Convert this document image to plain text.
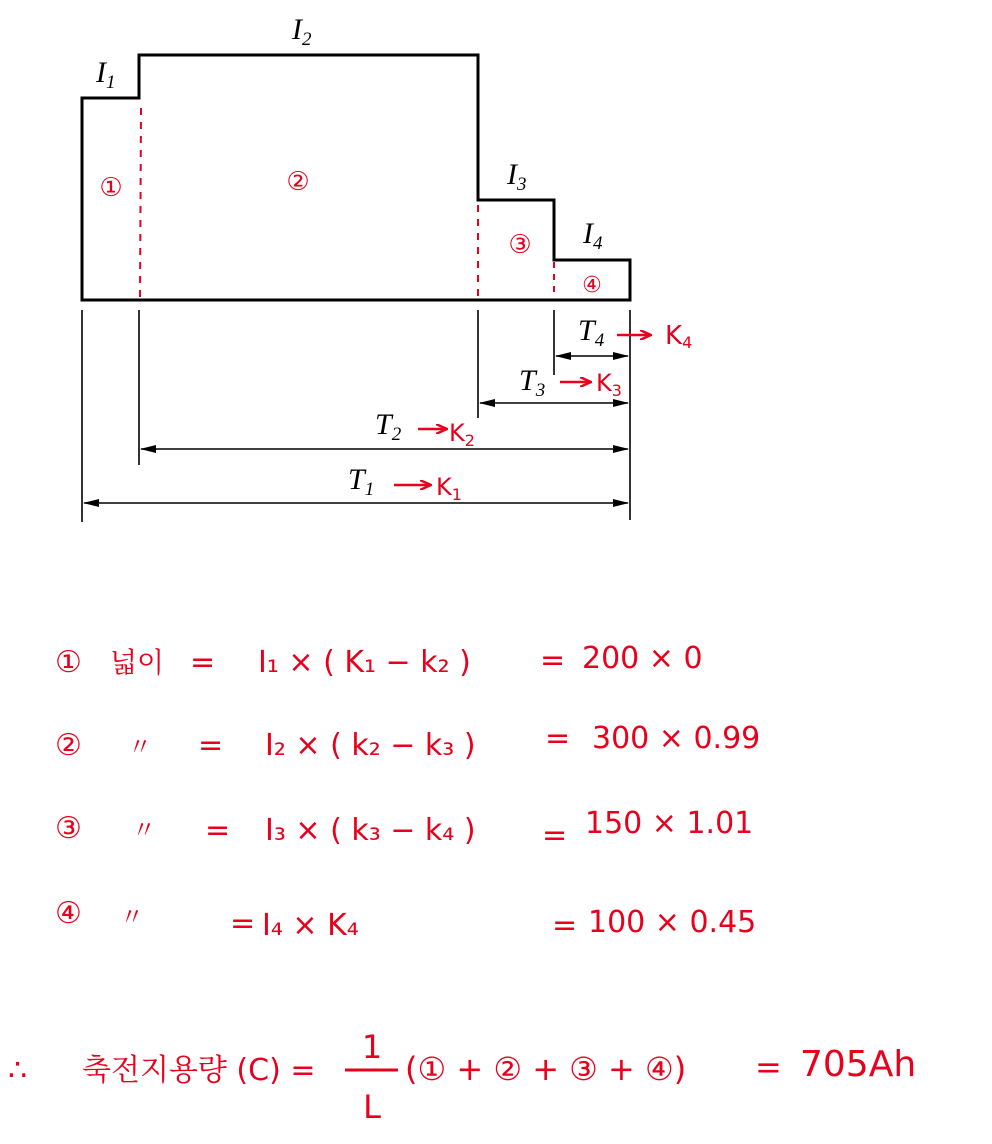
$I_1$
$I_2$
$I_3$
$I_4$
①	②
③
④
$T_4$ K4
$T_3$ $K_3$
$T_2$ $K_2$
$T_1$	$K_1$
① 넓이 = I₁ × ( K₁ − k₂ ) = 200 × 0
② 〃 = I₂ × ( k₂ − k₃ ) = 300 × 0.99
③ 〃 = I₃ × ( k₃ − k₄ ) = 150 × 1.01
④ 〃	= I₄ × K₄	= 100 × 0.45
∴ 축전지용량 (C) =
1
L
(① + ② + ③ + ④) = 705Ah
